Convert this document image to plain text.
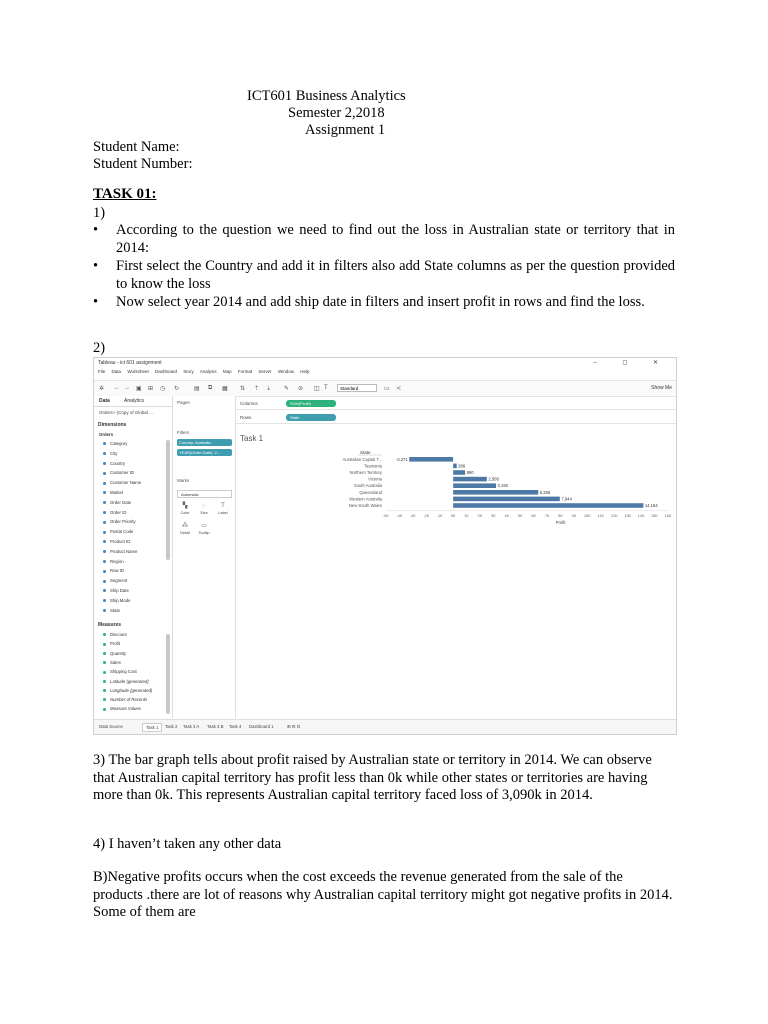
ICT601 Business Analytics
Semester 2,2018
Assignment 1
Student Name:
Student Number:
TASK 01:
1)
• According to the question we need to find out the loss in Australian state or territory that in 2014:
• First select the Country and add it in filters also add State columns as per the question provided to know the loss
• Now select year 2014 and add ship date in filters and insert profit in rows and find the loss.
2)
Tableau - ict 601 assignment	– ◻ ✕
File Data Worksheet Dashboard Story Analysis Map Format Server Window Help
✲ ← → ▣ ⊞ ◷ ↻ ▤ ⧉ ▦ ⇅ ⇡ ⇣ ✎ ⊘ ◫ T	Standard	▭ ≺	Show Me
Data	Analytics
Orders+ (Copy of Global ...
Dimensions
Orders
Category
City
Country
Customer ID
Customer Name
Market
Order Date
Order ID
Order Priority
Postal Code
Product ID
Product Name
Region
Row ID
Segment
Ship Date
Ship Mode
State
Measures
Discount
Profit
Quantity
Sales
Shipping Cost
Latitude (generated)
Longitude (generated)
Number of Records
Measure Values
Pages
Filters
Country: Australia
YEAR(Order Date): 2...
Marks
Automatic
▚
Color
◌
Size
T
Label
⁂
Detail
▭
Tooltip
Columns	SUM(Profit)
Rows	State
Task 1
State
Australian Capital T...	-3,271
Tasmania	266
Northern Territory	890
Victoria	2,509
South Australia	3,193
Queensland	6,336
Western Australia	7,944
New South Wales	14,164
-5K -4K -3K -2K -1K 0K 1K 2K 3K 4K 5K 6K 7K 8K 9K 10K 11K 12K 13K 14K 15K 16K
Profit
Data Source	Task 1	Task 2	Task 3 A	Task 3 B	Task 4	Dashboard 1	⊞ ⊟ ⊡
3) The bar graph tells about profit raised by Australian state or territory in 2014. We can observe that Australian capital territory has profit less than 0k while other states or territories are having more than 0k. This represents Australian capital territory faced loss of 3,090k in 2014.
4) I haven’t taken any other data
B)Negative profits occurs when the cost exceeds the revenue generated from the sale of the products .there are lot of reasons why Australian capital territory might got negative profits in 2014. Some of them are
